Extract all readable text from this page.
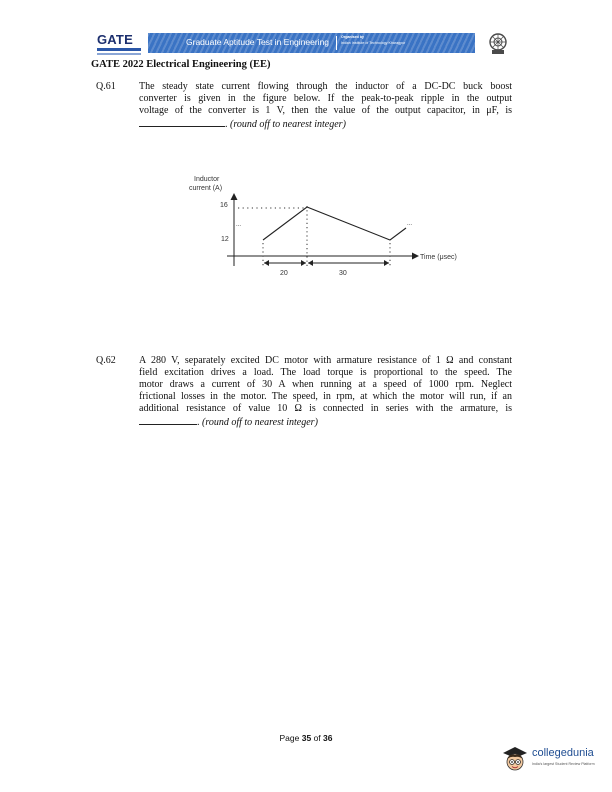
GATE	Graduate Aptitude Test in Engineering	Organised by
Indian Institute of Technology Kharagpur
GATE 2022 Electrical Engineering (EE)
Q.61 The steady state current flowing through the inductor of a DC-DC buck boost
converter is given in the figure below. If the peak-to-peak ripple in the output
voltage of the converter is 1 V, then the value of the output capacitor, in μF, is
. (round off to nearest integer)
Inductor
current (A)
16
12
Time (μsec)
...	...
20	30
Q.62 A 280 V, separately excited DC motor with armature resistance of 1 Ω and constant
field excitation drives a load. The load torque is proportional to the speed. The
motor draws a current of 30 A when running at a speed of 1000 rpm. Neglect
frictional losses in the motor. The speed, in rpm, at which the motor will run, if an
additional resistance of value 10 Ω is connected in series with the armature, is
. (round off to nearest integer)
Page 35 of 36
collegedunia
India's largest Student Review Platform
